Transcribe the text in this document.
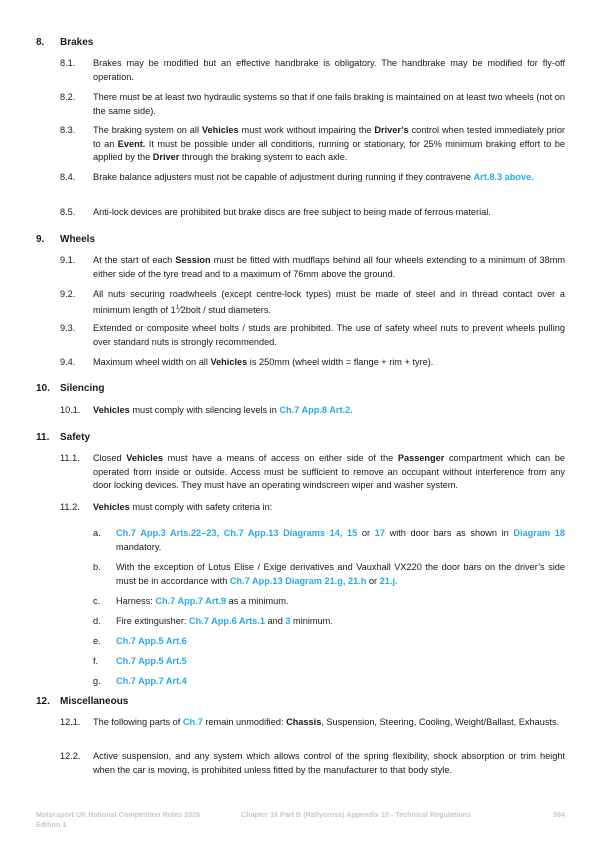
8. Brakes
8.1. Brakes may be modified but an effective handbrake is obligatory. The handbrake may be modified for fly-off operation.
8.2. There must be at least two hydraulic systems so that if one fails braking is maintained on at least two wheels (not on the same side).
8.3. The braking system on all Vehicles must work without impairing the Driver’s control when tested immediately prior to an Event. It must be possible under all conditions, running or stationary, for 25% minimum braking effort to be applied by the Driver through the braking system to each axle.
8.4. Brake balance adjusters must not be capable of adjustment during running if they contravene Art.8.3 above.
8.5. Anti-lock devices are prohibited but brake discs are free subject to being made of ferrous material.
9. Wheels
9.1. At the start of each Session must be fitted with mudflaps behind all four wheels extending to a minimum of 38mm either side of the tyre tread and to a maximum of 76mm above the ground.
9.2. All nuts securing roadwheels (except centre-lock types) must be made of steel and in thread contact over a minimum length of $1^1⁄2bolt$ / stud diameters.
9.3. Extended or composite wheel bolts / studs are prohibited. The use of safety wheel nuts to prevent wheels pulling over standard nuts is strongly recommended.
9.4. Maximum wheel width on all Vehicles is 250mm (wheel width = flange + rim + tyre).
10. Silencing
10.1. Vehicles must comply with silencing levels in Ch.7 App.8 Art.2.
11. Safety
11.1. Closed Vehicles must have a means of access on either side of the Passenger compartment which can be operated from inside or outside. Access must be sufficient to remove an occupant without interference from any door locking devices. They must have an operating windscreen wiper and washer system.
11.2. Vehicles must comply with safety criteria in:
a. Ch.7 App.3 Arts.22–23, Ch.7 App.13 Diagrams 14, 15 or 17 with door bars as shown in Diagram 18 mandatory.
b. With the exception of Lotus Elise / Exige derivatives and Vauxhall VX220 the door bars on the driver’s side must be in accordance with Ch.7 App.13 Diagram 21.g, 21.h or 21.j.
c. Harness: Ch.7 App.7 Art.9 as a minimum.
d. Fire extinguisher: Ch.7 App.6 Arts.1 and 3 minimum.
e. Ch.7 App.5 Art.6
f. Ch.7 App.5 Art.5
g. Ch.7 App.7 Art.4
12. Miscellaneous
12.1. The following parts of Ch.7 remain unmodified: Chassis, Suspension, Steering, Cooling, Weight/Ballast, Exhausts.
12.2. Active suspension, and any system which allows control of the spring flexibility, shock absorption or trim height when the car is moving, is prohibited unless fitted by the manufacturer to that body style.
Motorsport UK National Competition Rules 2026
Edition 1
Chapter 16 Part B (Rallycross) Appendix 10 - Technical Regulations	594
